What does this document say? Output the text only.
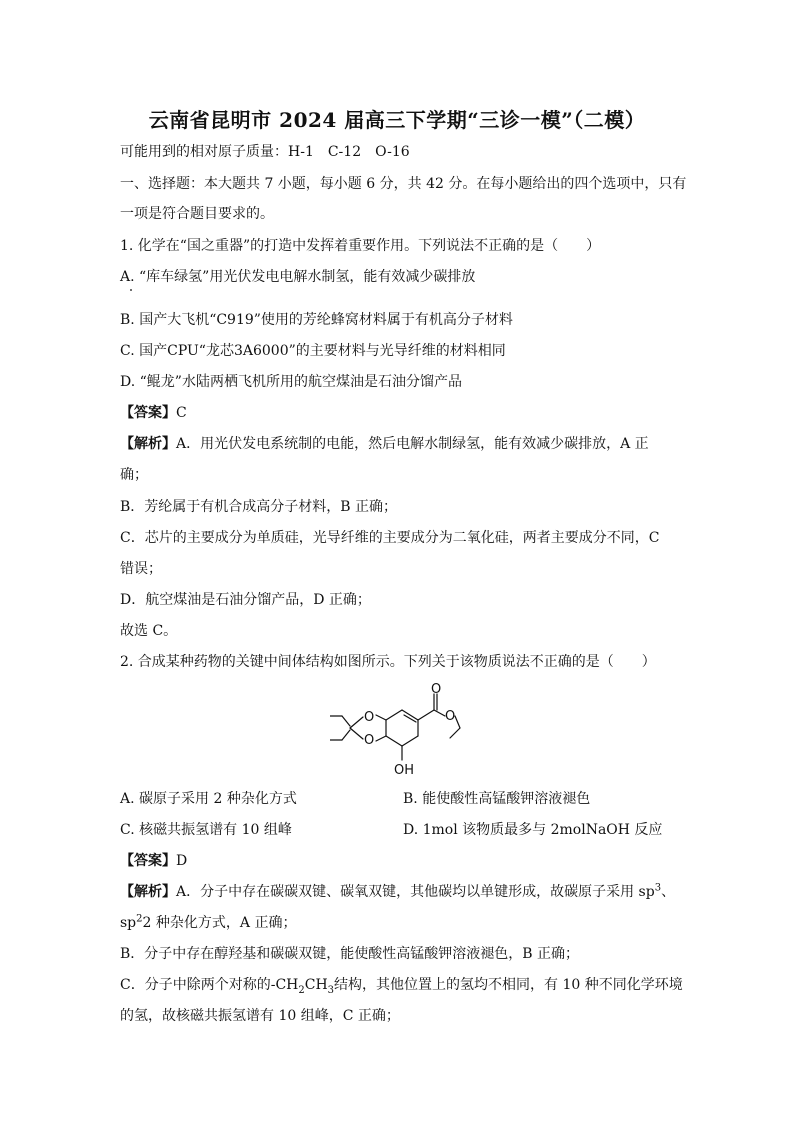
云南省昆明市 2024 届高三下学期“三诊一模”（二模）
可能用到的相对原子质量：H-1　C-12　O-16
一、选择题：本大题共 7 小题，每小题 6 分，共 42 分。在每小题给出的四个选项中，只有
一项是符合题目要求的。
1. 化学在“国之重器”的打造中发挥着重要作用。下列说法不正确的是（　　）
A. “库车绿氢”用光伏发电电解水制氢，能有效减少碳排放
B. 国产大飞机“C919”使用的芳纶蜂窝材料属于有机高分子材料
C. 国产CPU“龙芯3A6000”的主要材料与光导纤维的材料相同
D. “鲲龙”水陆两栖飞机所用的航空煤油是石油分馏产品
【答案】C
【解析】A．用光伏发电系统制的电能，然后电解水制绿氢，能有效减少碳排放，A 正
确；
B．芳纶属于有机合成高分子材料，B 正确；
C．芯片的主要成分为单质硅，光导纤维的主要成分为二氧化硅，两者主要成分不同，C
错误；
D．航空煤油是石油分馏产品，D 正确；
故选 C。
2. 合成某种药物的关键中间体结构如图所示。下列关于该物质说法不正确的是（　　）
O
O
O
O
OH
A. 碳原子采用 2 种杂化方式	B. 能使酸性高锰酸钾溶液褪色
C. 核磁共振氢谱有 10 组峰	D. 1mol 该物质最多与 2molNaOH 反应
【答案】D
【解析】A．分子中存在碳碳双键、碳氧双键，其他碳均以单键形成，故碳原子采用 $sp^3$、
$sp^22$ 种杂化方式，A 正确；
B．分子中存在醇羟基和碳碳双键，能使酸性高锰酸钾溶液褪色，B 正确；
C．分子中除两个对称的$-CH_2CH_3$结构，其他位置上的氢均不相同，有 10 种不同化学环境
的氢，故核磁共振氢谱有 10 组峰，C 正确；
